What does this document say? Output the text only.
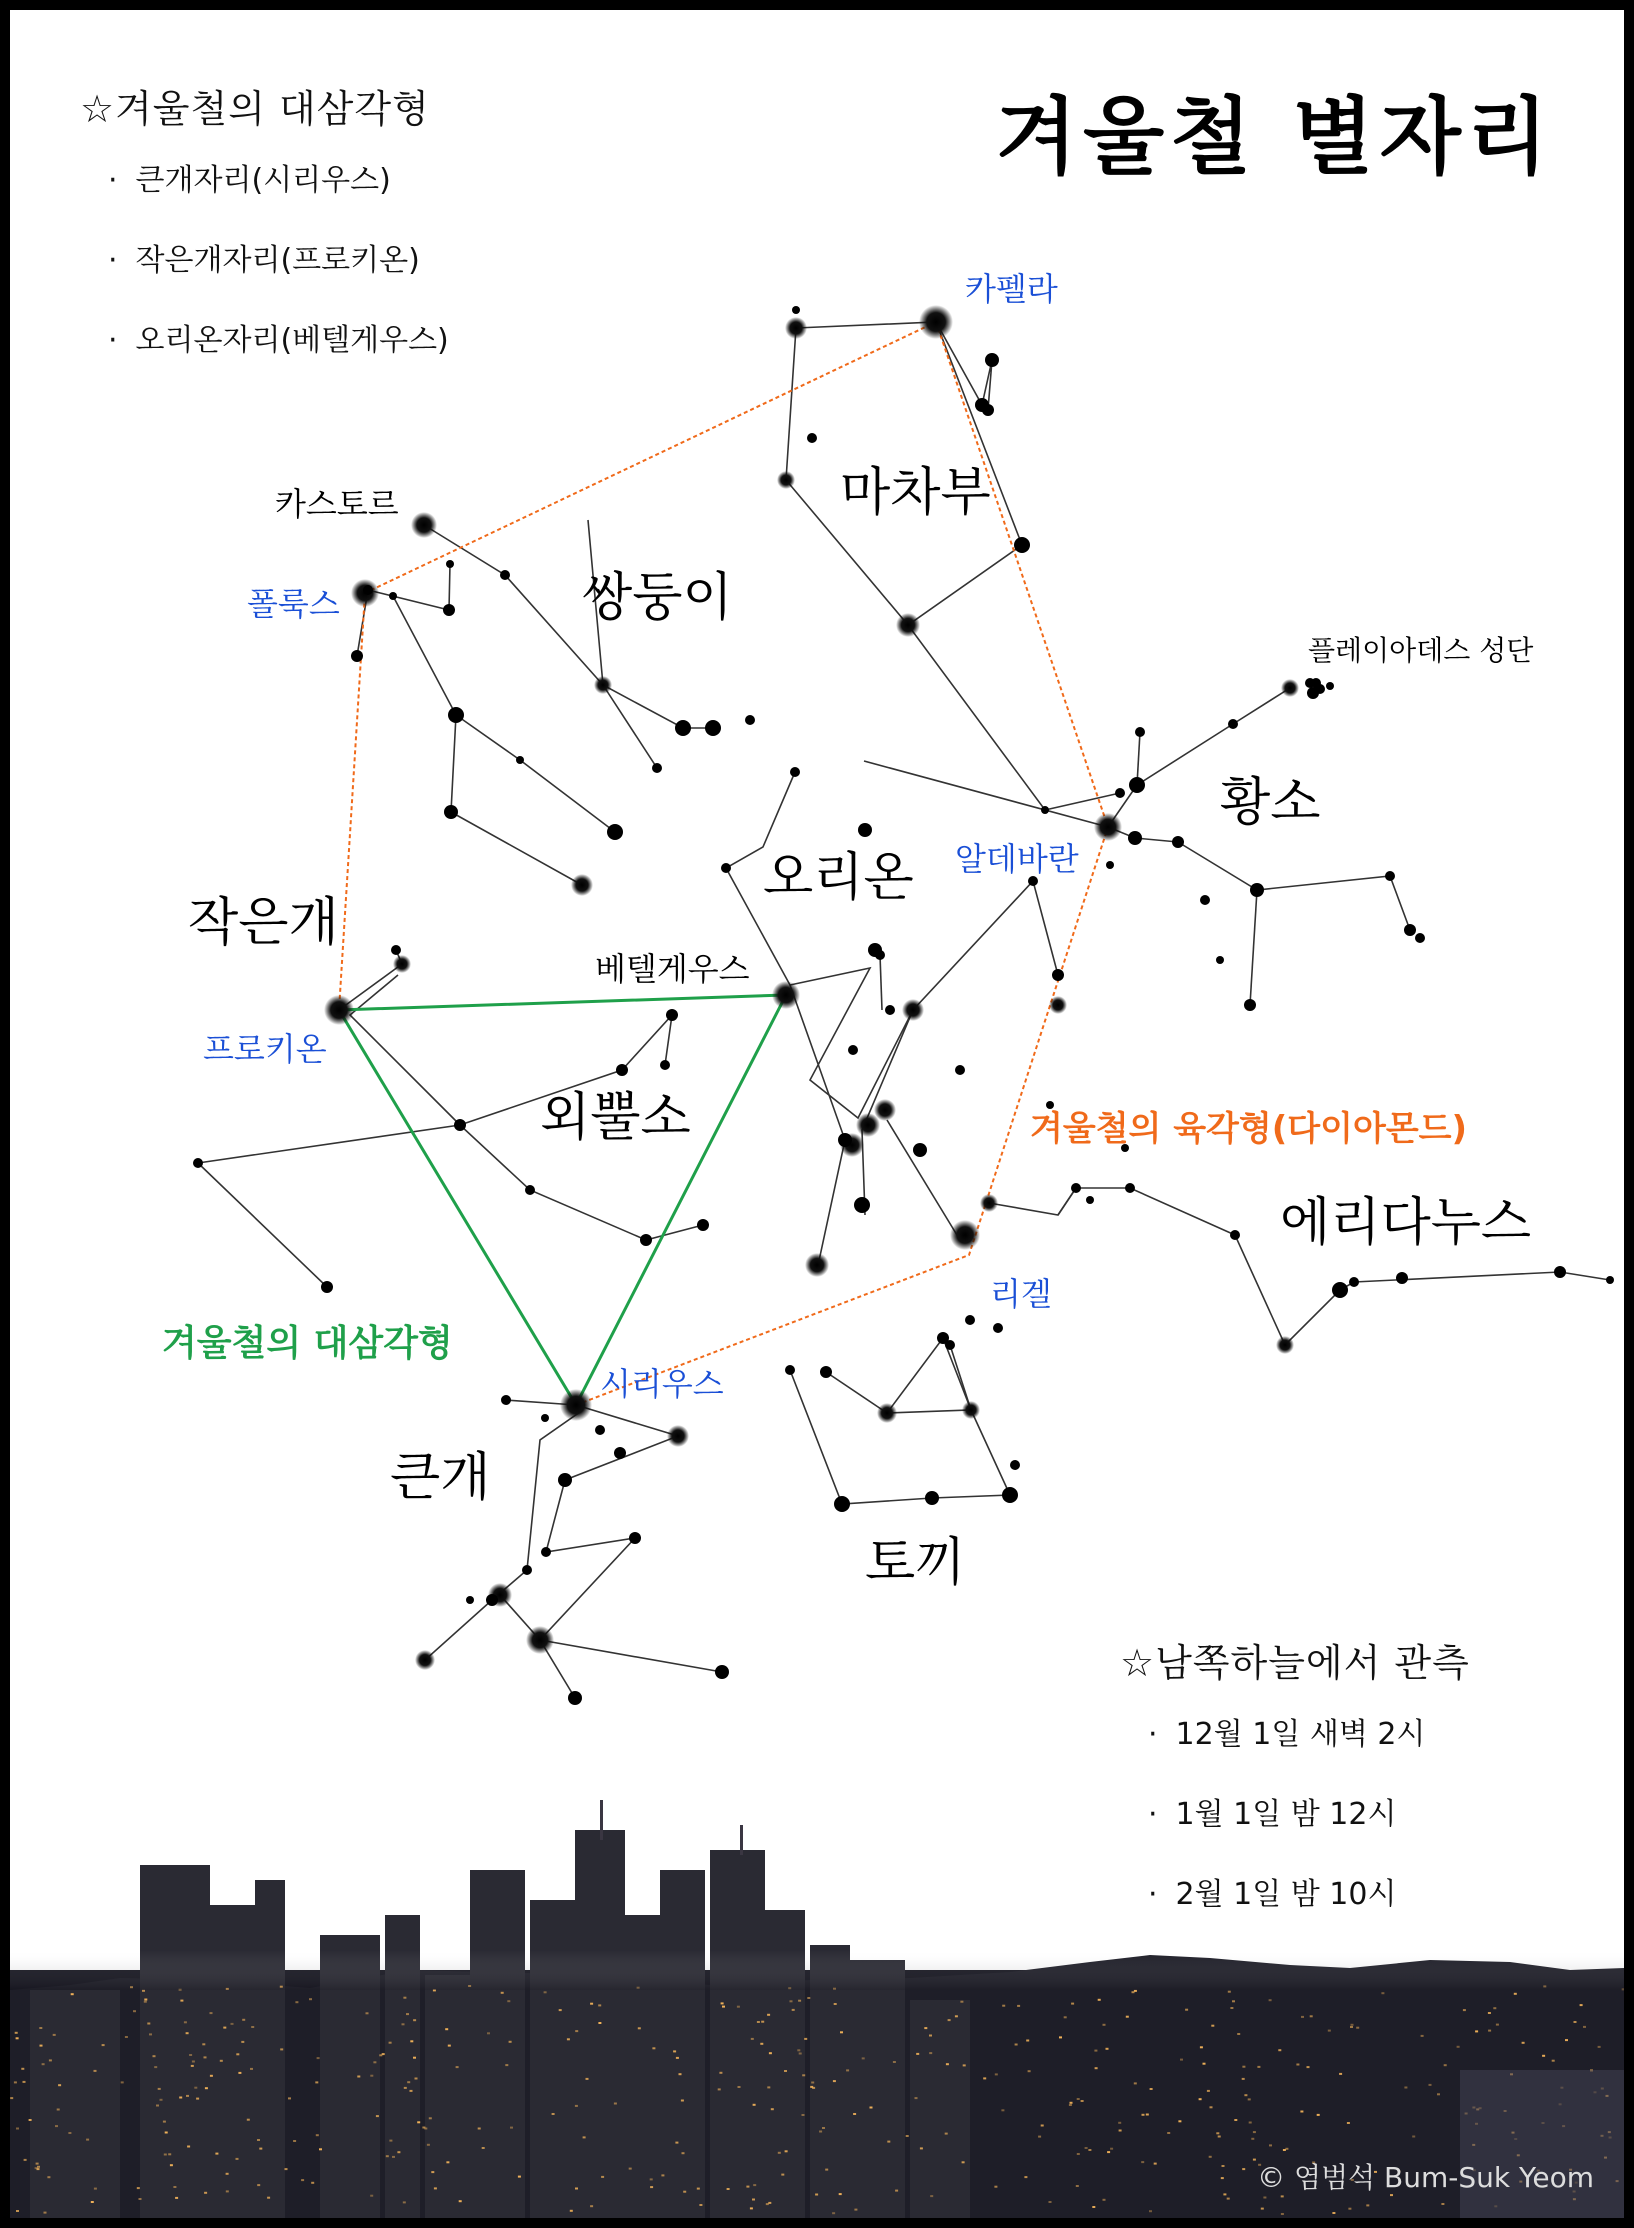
마차부
쌍둥이
황소
오리온
작은개
외뿔소
에리다누스
큰개
토끼
카펠라
카스토르
폴룩스
플레이아데스 성단
알데바란
베텔게우스
프로키온
리겔
시리우스
겨울철의 대삼각형
겨울철의 육각형(다이아몬드)
겨울철 별자리
☆겨울철의 대삼각형
· 큰개자리(시리우스)
· 작은개자리(프로키온)
· 오리온자리(베텔게우스)
☆남쪽하늘에서 관측
· 12월 1일 새벽 2시
· 1월 1일 밤 12시
· 2월 1일 밤 10시
© 염범석 Bum-Suk Yeom
